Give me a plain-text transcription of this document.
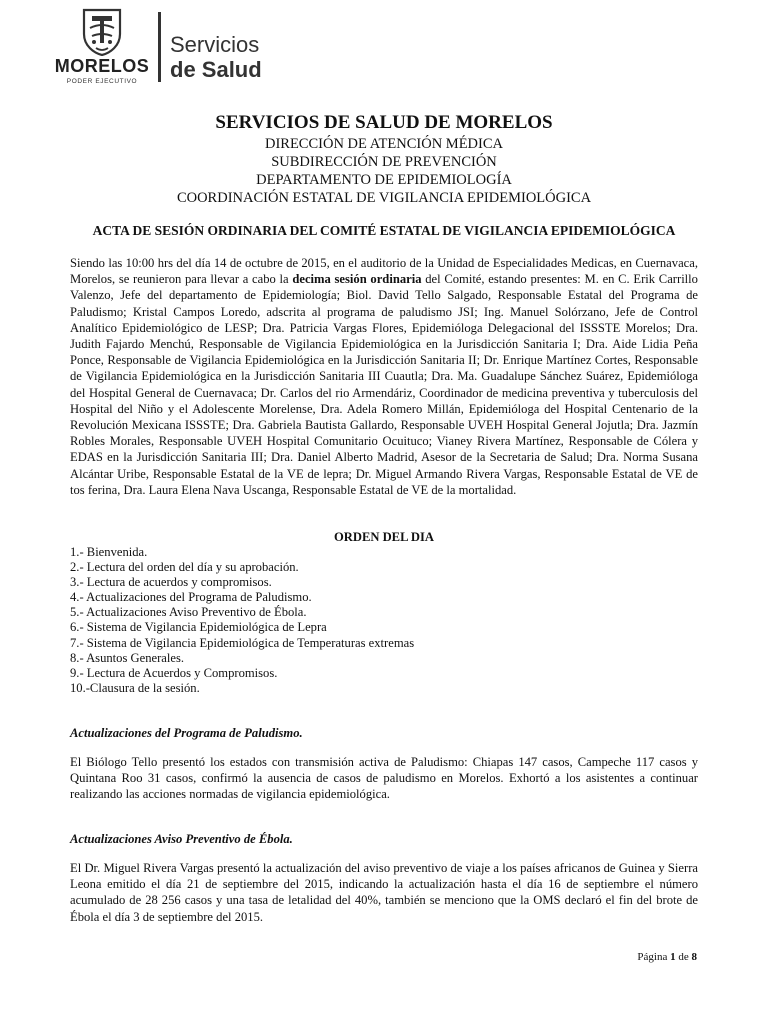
MORELOS
PODER EJECUTIVO
Servicios
de Salud
SERVICIOS DE SALUD DE MORELOS
DIRECCIÓN DE ATENCIÓN MÉDICA
SUBDIRECCIÓN DE PREVENCIÓN
DEPARTAMENTO DE EPIDEMIOLOGÍA
COORDINACIÓN ESTATAL DE VIGILANCIA EPIDEMIOLÓGICA
ACTA DE SESIÓN ORDINARIA DEL COMITÉ ESTATAL DE VIGILANCIA EPIDEMIOLÓGICA
Siendo las 10:00 hrs del día 14 de octubre de 2015, en el auditorio de la Unidad de Especialidades Medicas, en Cuernavaca, Morelos, se reunieron para llevar a cabo la decima sesión ordinaria del Comité, estando presentes: M. en C. Erik Carrillo Valenzo, Jefe del departamento de Epidemiología; Biol. David Tello Salgado, Responsable Estatal del Programa de Paludismo; Kristal Campos Loredo, adscrita al programa de paludismo JSI; Ing. Manuel Solórzano, Jefe de Control Analítico Epidemiológico de LESP; Dra. Patricia Vargas Flores, Epidemióloga Delegacional del ISSSTE Morelos; Dra. Judith Fajardo Menchú, Responsable de Vigilancia Epidemiológica en la Jurisdicción Sanitaria I; Dra. Aide Lidia Peña Ponce, Responsable de Vigilancia Epidemiológica en la Jurisdicción Sanitaria II; Dr. Enrique Martínez Cortes, Responsable de Vigilancia Epidemiológica en la Jurisdicción Sanitaria III Cuautla; Dra. Ma. Guadalupe Sánchez Suárez, Epidemióloga del Hospital General de Cuernavaca; Dr. Carlos del rio Armendáriz, Coordinador de medicina preventiva y tuberculosis del Hospital del Niño y el Adolescente Morelense, Dra. Adela Romero Millán, Epidemióloga del Hospital Centenario de la Revolución Mexicana ISSSTE; Dra. Gabriela Bautista Gallardo, Responsable UVEH Hospital General Jojutla; Dra. Jazmín Robles Morales, Responsable UVEH Hospital Comunitario Ocuituco; Vianey Rivera Martínez, Responsable de Cólera y EDAS en la Jurisdicción Sanitaria III; Dra. Daniel Alberto Madrid, Asesor de la Secretaria de Salud; Dra. Norma Susana Alcántar Uribe, Responsable Estatal de la VE de lepra; Dr. Miguel Armando Rivera Vargas, Responsable Estatal de VE de tos ferina, Dra. Laura Elena Nava Uscanga, Responsable Estatal de VE de la mortalidad.
ORDEN DEL DIA
1.- Bienvenida.
2.- Lectura del orden del día y su aprobación.
3.- Lectura de acuerdos y compromisos.
4.- Actualizaciones del Programa de Paludismo.
5.- Actualizaciones Aviso Preventivo de Ébola.
6.- Sistema de Vigilancia Epidemiológica de Lepra
7.- Sistema de Vigilancia Epidemiológica de Temperaturas extremas
8.- Asuntos Generales.
9.- Lectura de Acuerdos y Compromisos.
10.-Clausura de la sesión.
Actualizaciones del Programa de Paludismo.
El Biólogo Tello presentó los estados con transmisión activa de Paludismo: Chiapas 147 casos, Campeche 117 casos y Quintana Roo 31 casos, confirmó la ausencia de casos de paludismo en Morelos. Exhortó a los asistentes a continuar realizando las acciones normadas de vigilancia epidemiológica.
Actualizaciones Aviso Preventivo de Ébola.
El Dr. Miguel Rivera Vargas presentó la actualización del aviso preventivo de viaje a los países africanos de Guinea y Sierra Leona emitido el día 21 de septiembre del 2015, indicando la actualización hasta el día 16 de septiembre el número acumulado de 28 256 casos y una tasa de letalidad del 40%, también se menciono que la OMS declaró el fin del brote de Ébola el día 3 de septiembre del 2015.
Página 1 de 8
